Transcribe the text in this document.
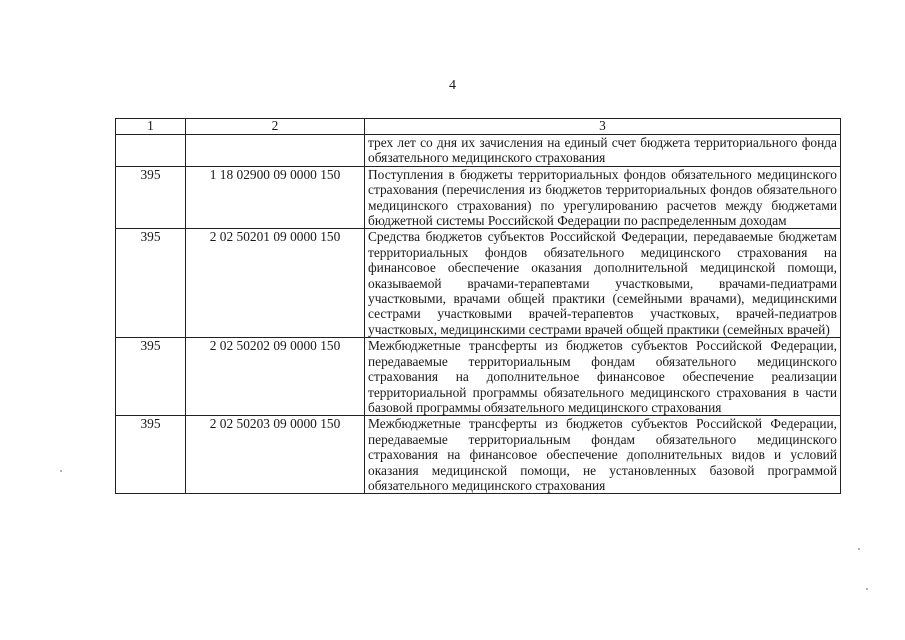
4
1	2	3
		трех лет со дня их зачисления на единый счет бюджета территориального фонда обязательного медицинского страхования
395	1 18 02900 09 0000 150	Поступления в бюджеты территориальных фондов обязательного медицинского страхования (перечисления из бюджетов территориальных фондов обязательного медицинского страхования) по урегулированию расчетов между бюджетами бюджетной системы Российской Федерации по распределенным доходам
395	2 02 50201 09 0000 150	Средства бюджетов субъектов Российской Федерации, передаваемые бюджетам территориальных фондов обязательного медицинского страхования на финансовое обеспечение оказания дополнительной медицинской помощи, оказываемой врачами-терапевтами участковыми, врачами-педиатрами участковыми, врачами общей практики (семейными врачами), медицинскими сестрами участковыми врачей-терапевтов участковых, врачей-педиатров участковых, медицинскими сестрами врачей общей практики (семейных врачей)
395	2 02 50202 09 0000 150	Межбюджетные трансферты из бюджетов субъектов Российской Федерации, передаваемые территориальным фондам обязательного медицинского страхования на дополнительное финансовое обеспечение реализации территориальной программы обязательного медицинского страхования в части базовой программы обязательного медицинского страхования
395	2 02 50203 09 0000 150	Межбюджетные трансферты из бюджетов субъектов Российской Федерации, передаваемые территориальным фондам обязательного медицинского страхования на финансовое обеспечение дополнительных видов и условий оказания медицинской помощи, не установленных базовой программой обязательного медицинского страхования
